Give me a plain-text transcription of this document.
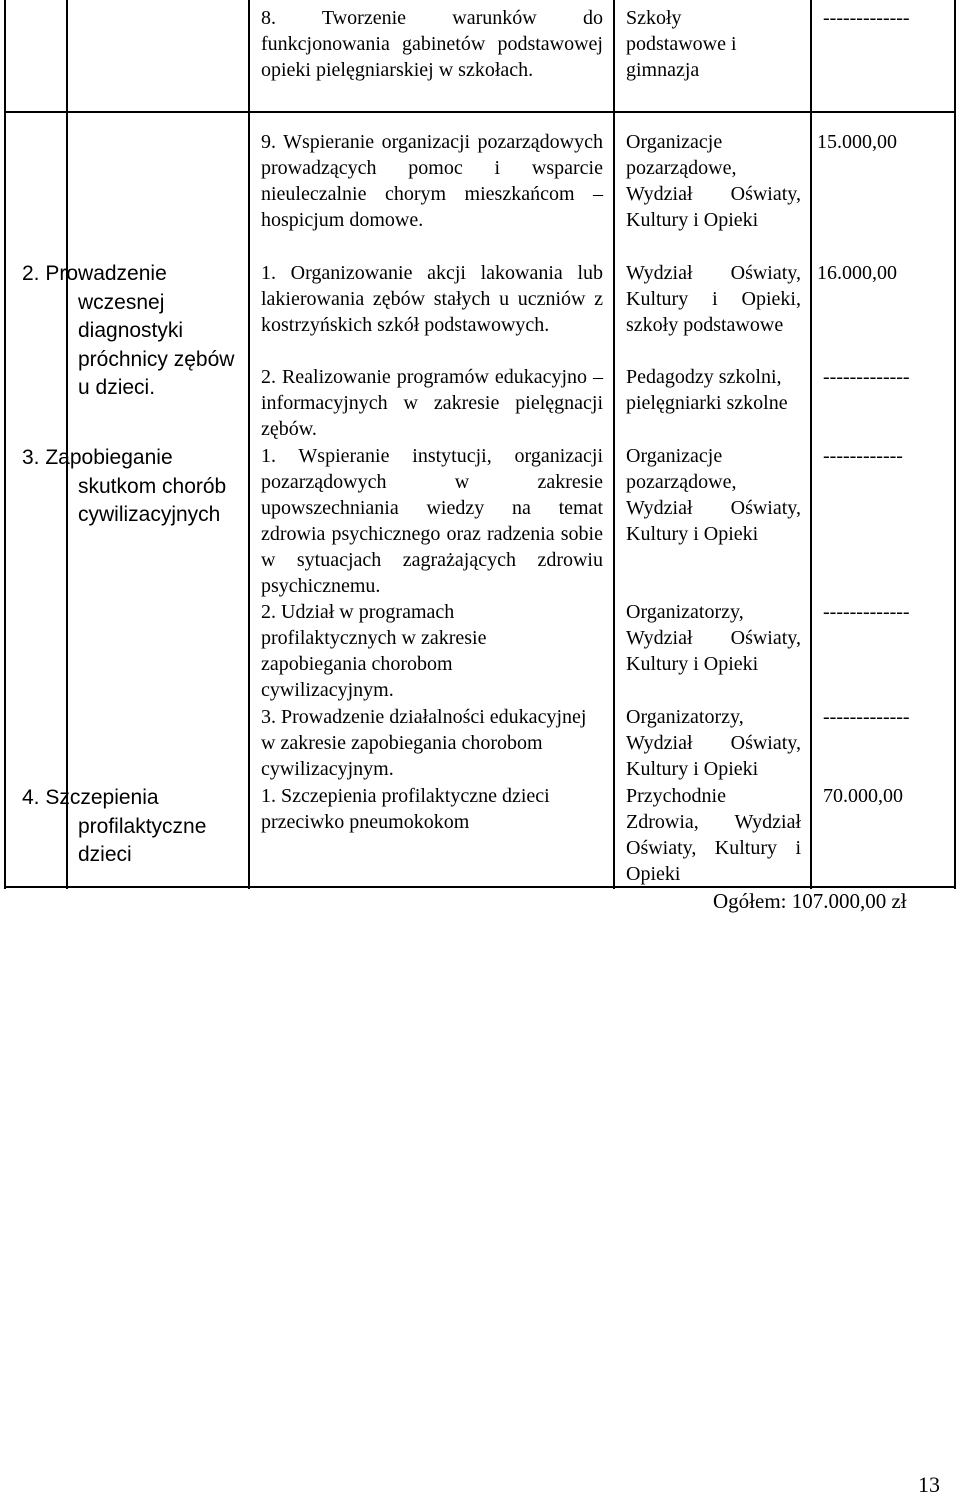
8. Tworzenie warunków do funkcjonowania gabinetów podstawowej opieki pielęgniarskiej w szkołach.
Szkoły podstawowe i gimnazja
-------------
9. Wspieranie organizacji pozarządowych prowadzących pomoc i wsparcie nieuleczalnie chorym mieszkańcom – hospicjum domowe.
Organizacje pozarządowe, Wydział Oświaty, Kultury i Opieki
15.000,00
2. Prowadzenie wczesnej diagnostyki próchnicy zębów u dzieci.
1. Organizowanie akcji lakowania lub lakierowania zębów stałych u uczniów z kostrzyńskich szkół podstawowych.
Wydział Oświaty, Kultury i Opieki, szkoły podstawowe
16.000,00
2. Realizowanie programów edukacyjno – informacyjnych w zakresie pielęgnacji zębów.
Pedagodzy szkolni, pielęgniarki szkolne
-------------
3. Zapobieganie skutkom chorób cywilizacyjnych
1. Wspieranie instytucji, organizacji pozarządowych w zakresie upowszechniania wiedzy na temat zdrowia psychicznego oraz radzenia sobie w sytuacjach zagrażających zdrowiu psychicznemu.
Organizacje pozarządowe, Wydział Oświaty, Kultury i Opieki
------------
2. Udział w programach profilaktycznych w zakresie zapobiegania chorobom cywilizacyjnym.
Organizatorzy, Wydział Oświaty, Kultury i Opieki
-------------
3. Prowadzenie działalności edukacyjnej w zakresie zapobiegania chorobom cywilizacyjnym.
Organizatorzy, Wydział Oświaty, Kultury i Opieki
-------------
4. Szczepienia profilaktyczne dzieci
1. Szczepienia profilaktyczne dzieci przeciwko pneumokokom
Przychodnie Zdrowia, Wydział Oświaty, Kultury i Opieki
70.000,00
Ogółem: 107.000,00 zł
13
